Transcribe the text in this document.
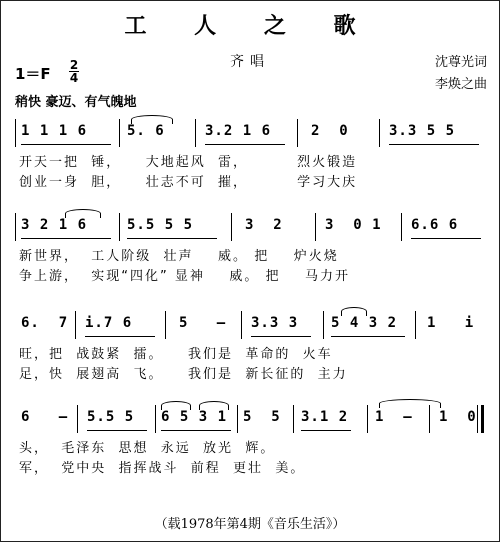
工 人 之 歌
齐唱	沈尊光词
李焕之曲
1＝F 2
4
稍快 豪迈、有气魄地
1 1 1 6	5. 6	3.2 1 6	2  0	3.3 5 5
开天一把  锤，    大地起风  雷，        烈火锻造
创业一身  胆，    壮志不可  摧，        学习大庆
3 2 1 6	5.5 5 5	3  2	3  0 1 6.6 6
新世界，  工人阶级  壮声    威。 把    炉火烧
争上游，  实现“四化” 显神    威。 把    马力开
6.  7 i.7 6	5   – 3.3 3 5 4 3 2 1   i
旺，把  战鼓紧  擂。    我们是  革命的  火车
足，快  展翅高  飞。    我们是  新长征的  主力
6   – 5.5 5 6 5 3 1 5  5 3.1 2 1  – 1  0
头，  毛泽东  思想  永远  放光  辉。
军，  党中央  指挥战斗  前程  更壮  美。
（载1978年第4期《音乐生活》）
